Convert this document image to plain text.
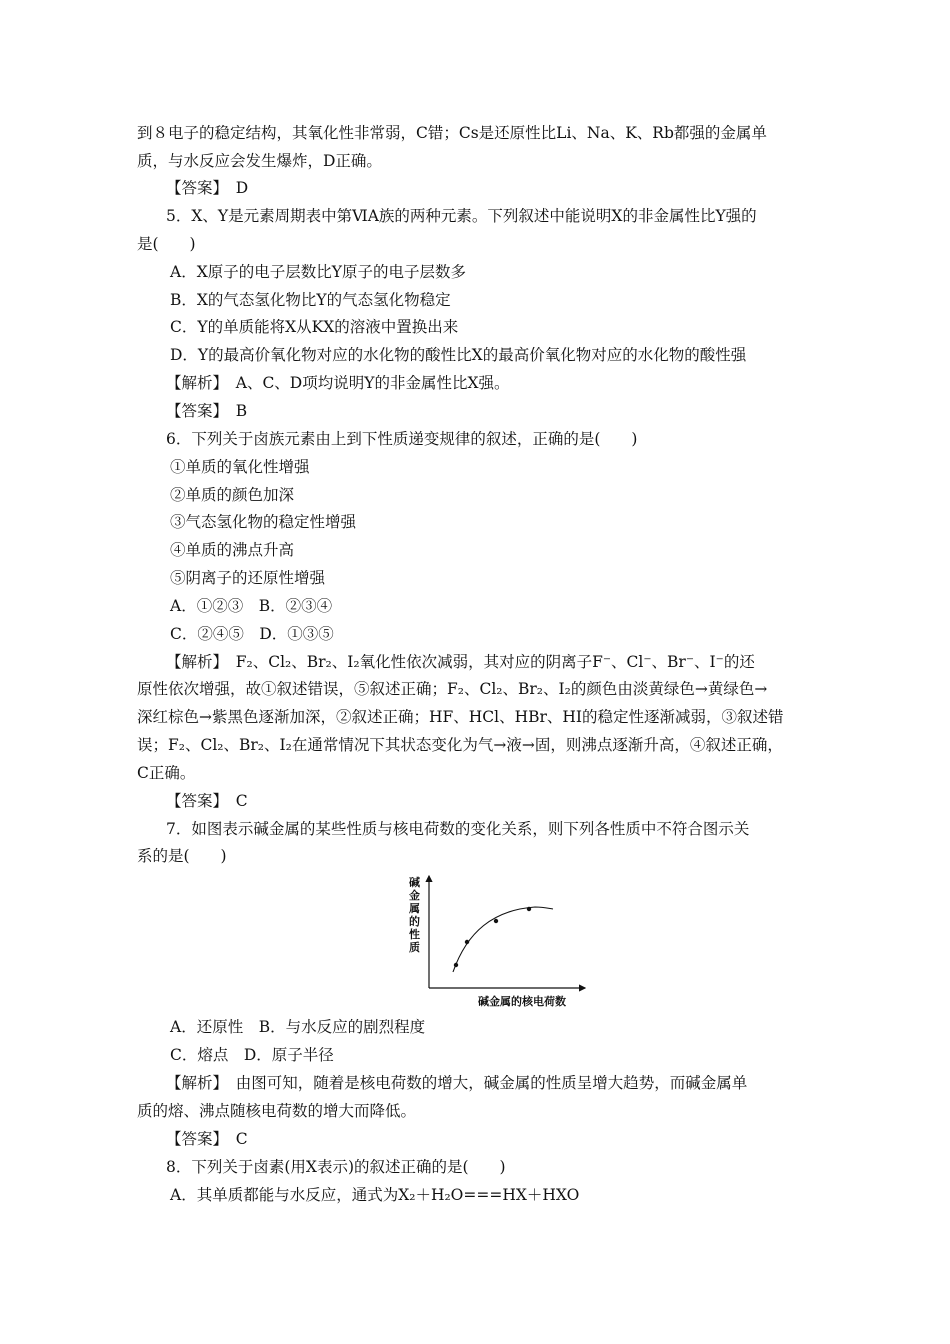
到８电子的稳定结构，其氧化性非常弱，C错；Cs是还原性比Li、Na、K、Rb都强的金属单
质，与水反应会发生爆炸，D正确。
【答案】　D
5．X、Y是元素周期表中第ⅥA族的两种元素。下列叙述中能说明X的非金属性比Y强的
是(　　)
A．X原子的电子层数比Y原子的电子层数多
B．X的气态氢化物比Y的气态氢化物稳定
C．Y的单质能将X从KX的溶液中置换出来
D．Y的最高价氧化物对应的水化物的酸性比X的最高价氧化物对应的水化物的酸性强
【解析】　A、C、D项均说明Y的非金属性比X强。
【答案】　B
6．下列关于卤族元素由上到下性质递变规律的叙述，正确的是(　　)
①单质的氧化性增强
②单质的颜色加深
③气态氢化物的稳定性增强
④单质的沸点升高
⑤阴离子的还原性增强
A．①②③　B．②③④
C．②④⑤　D．①③⑤
【解析】　F₂、Cl₂、Br₂、I₂氧化性依次减弱，其对应的阴离子F⁻、Cl⁻、Br⁻、I⁻的还
原性依次增强，故①叙述错误，⑤叙述正确；F₂、Cl₂、Br₂、I₂的颜色由淡黄绿色→黄绿色→
深红棕色→紫黑色逐渐加深，②叙述正确；HF、HCl、HBr、HI的稳定性逐渐减弱，③叙述错
误；F₂、Cl₂、Br₂、I₂在通常情况下其状态变化为气→液→固，则沸点逐渐升高，④叙述正确，
C正确。
【答案】　C
7．如图表示碱金属的某些性质与核电荷数的变化关系，则下列各性质中不符合图示关
系的是(　　)
碱
金
属
的
性
质
碱金属的核电荷数
A．还原性　B．与水反应的剧烈程度
C．熔点　D．原子半径
【解析】　由图可知，随着是核电荷数的增大，碱金属的性质呈增大趋势，而碱金属单
质的熔、沸点随核电荷数的增大而降低。
【答案】　C
8．下列关于卤素(用X表示)的叙述正确的是(　　)
A．其单质都能与水反应，通式为X₂＋H₂O===HX＋HXO
